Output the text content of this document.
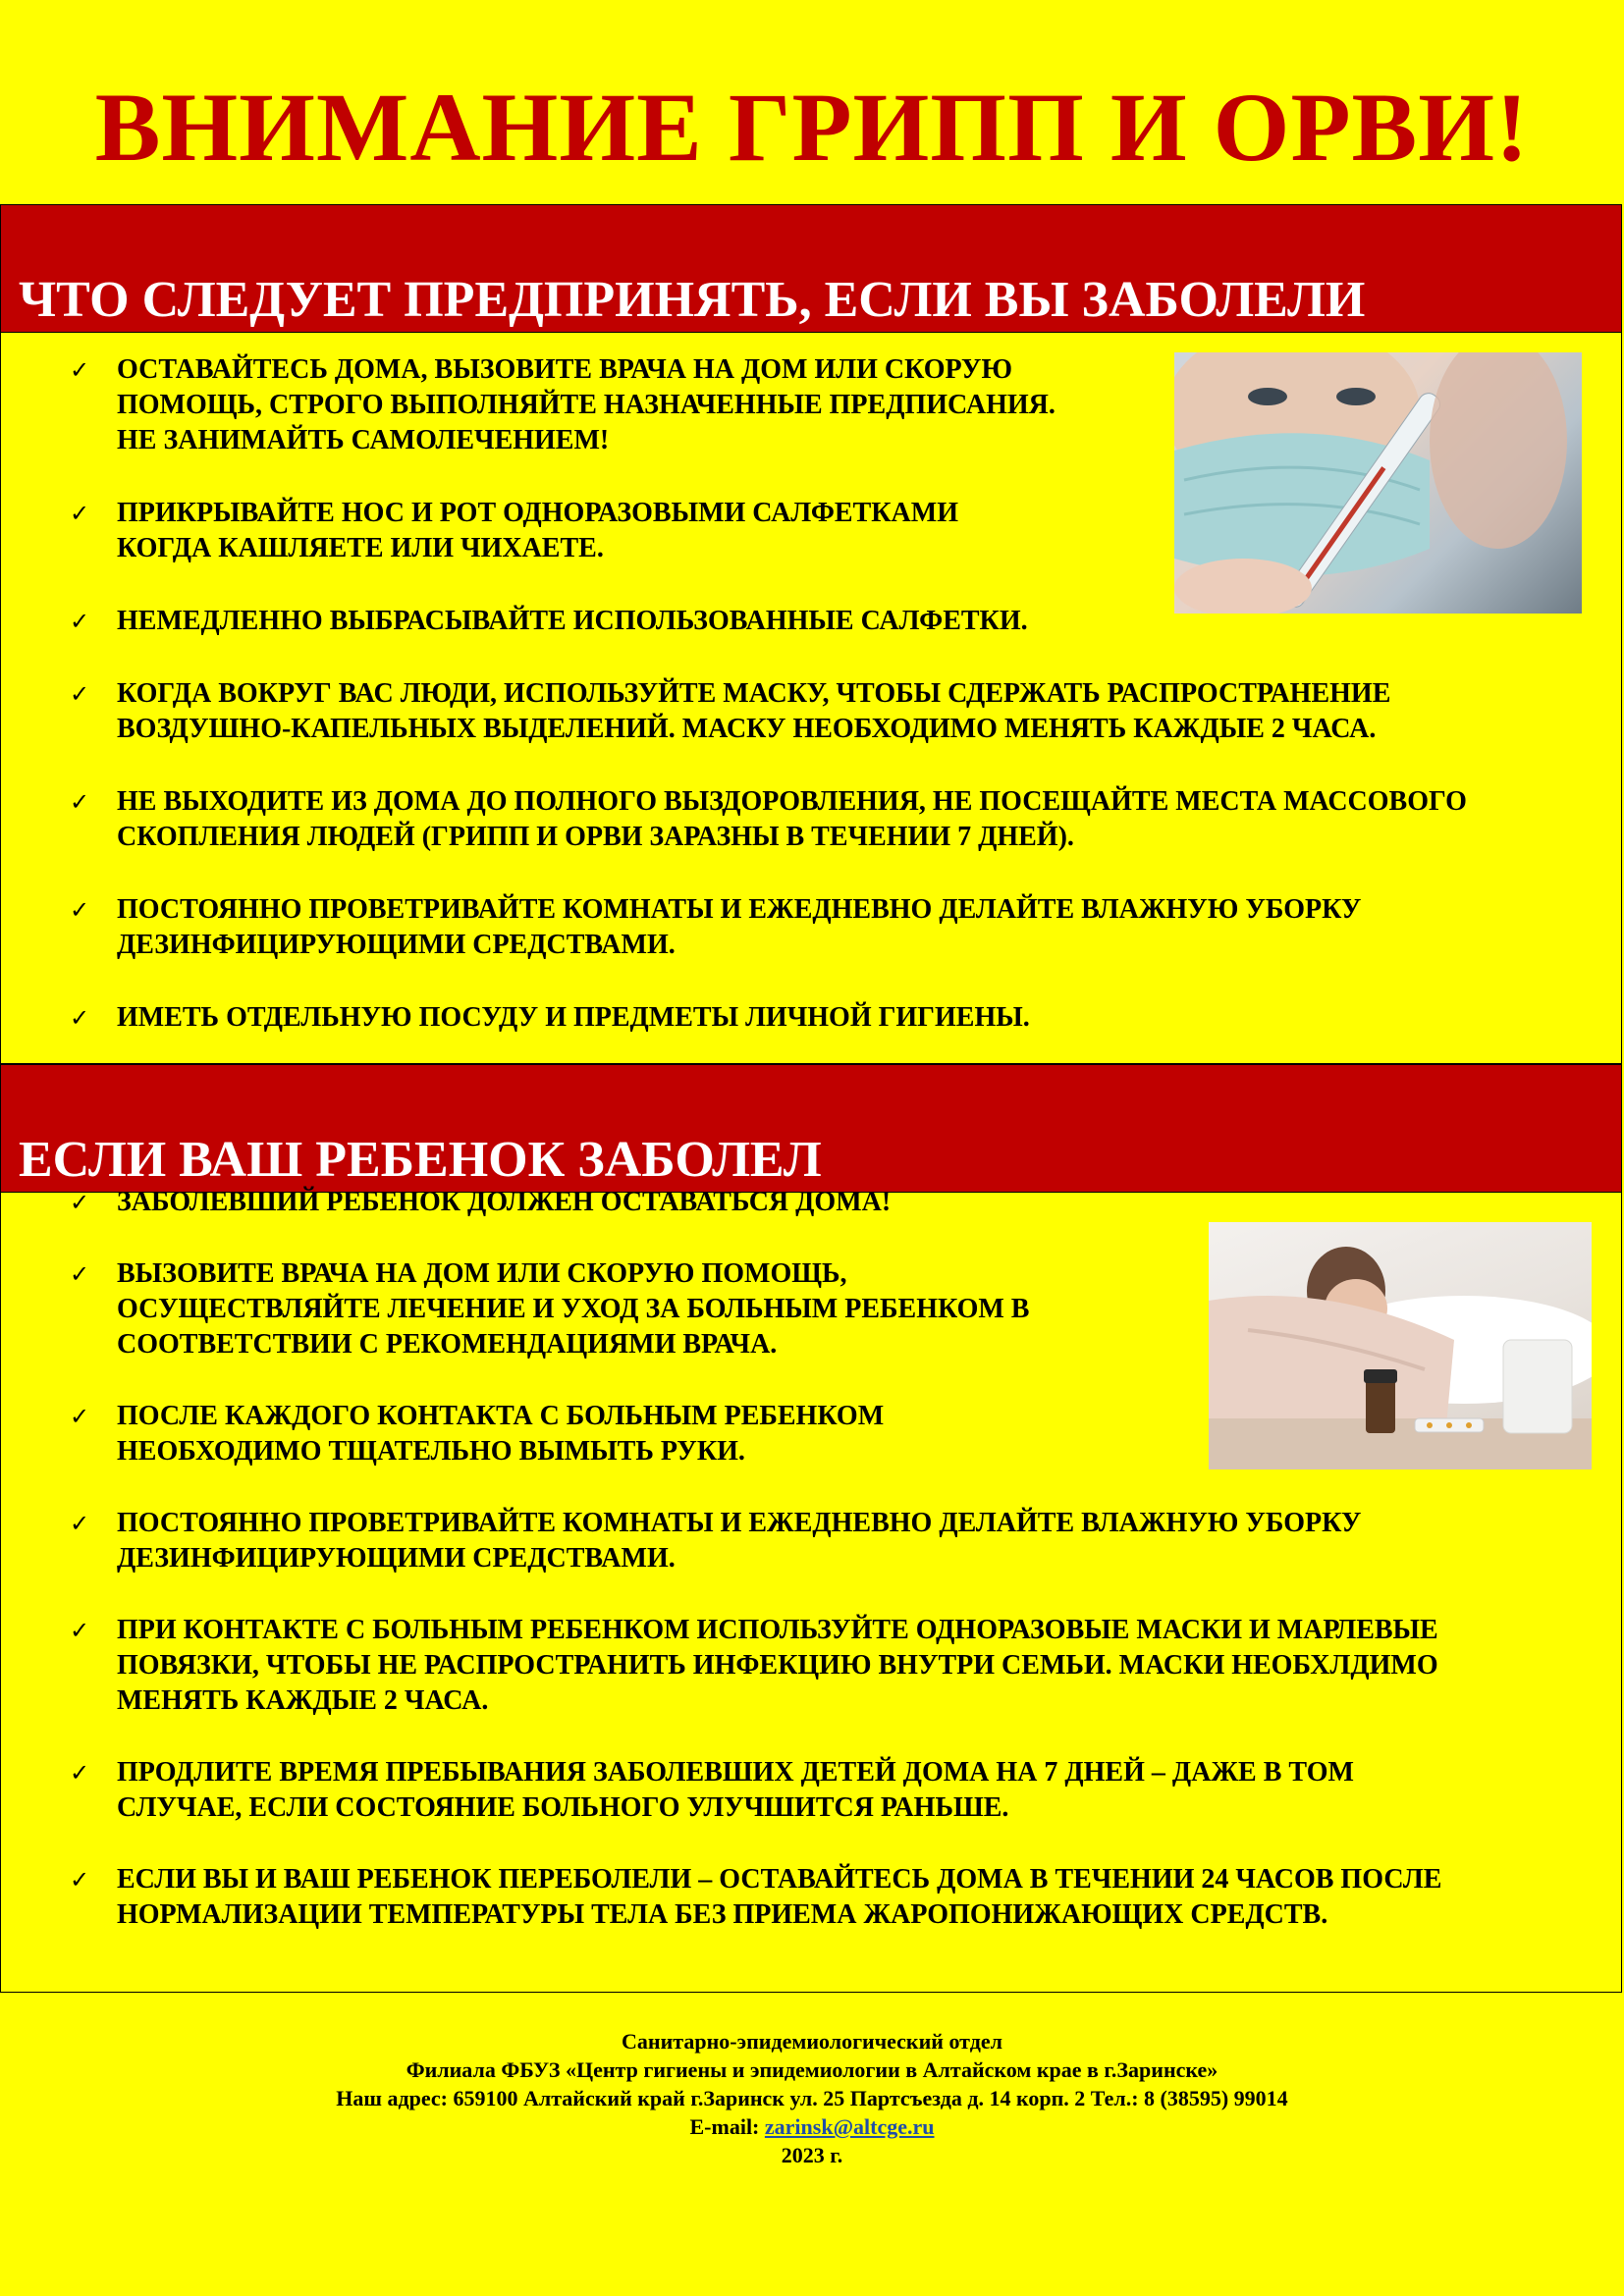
ВНИМАНИЕ ГРИПП И ОРВИ!
ЧТО СЛЕДУЕТ ПРЕДПРИНЯТЬ, ЕСЛИ ВЫ ЗАБОЛЕЛИ
✓ ОСТАВАЙТЕСЬ ДОМА, ВЫЗОВИТЕ ВРАЧА НА ДОМ ИЛИ СКОРУЮ
ПОМОЩЬ, СТРОГО ВЫПОЛНЯЙТЕ НАЗНАЧЕННЫЕ ПРЕДПИСАНИЯ.
НЕ ЗАНИМАЙТЬ САМОЛЕЧЕНИЕМ!
✓ ПРИКРЫВАЙТЕ НОС И РОТ ОДНОРАЗОВЫМИ САЛФЕТКАМИ
КОГДА КАШЛЯЕТЕ ИЛИ ЧИХАЕТЕ.
✓ НЕМЕДЛЕННО ВЫБРАСЫВАЙТЕ ИСПОЛЬЗОВАННЫЕ САЛФЕТКИ.
✓ КОГДА ВОКРУГ ВАС ЛЮДИ, ИСПОЛЬЗУЙТЕ МАСКУ, ЧТОБЫ СДЕРЖАТЬ РАСПРОСТРАНЕНИЕ
ВОЗДУШНО-КАПЕЛЬНЫХ ВЫДЕЛЕНИЙ. МАСКУ НЕОБХОДИМО МЕНЯТЬ КАЖДЫЕ 2 ЧАСА.
✓ НЕ ВЫХОДИТЕ ИЗ ДОМА ДО ПОЛНОГО ВЫЗДОРОВЛЕНИЯ, НЕ ПОСЕЩАЙТЕ МЕСТА МАССОВОГО
СКОПЛЕНИЯ ЛЮДЕЙ (ГРИПП И ОРВИ ЗАРАЗНЫ В ТЕЧЕНИИ 7 ДНЕЙ).
✓ ПОСТОЯННО ПРОВЕТРИВАЙТЕ КОМНАТЫ И ЕЖЕДНЕВНО ДЕЛАЙТЕ ВЛАЖНУЮ УБОРКУ
ДЕЗИНФИЦИРУЮЩИМИ СРЕДСТВАМИ.
✓ ИМЕТЬ ОТДЕЛЬНУЮ ПОСУДУ И ПРЕДМЕТЫ ЛИЧНОЙ ГИГИЕНЫ.
ЕСЛИ ВАШ РЕБЕНОК ЗАБОЛЕЛ
✓ ЗАБОЛЕВШИЙ РЕБЕНОК ДОЛЖЕН ОСТАВАТЬСЯ ДОМА!
✓ ВЫЗОВИТЕ ВРАЧА НА ДОМ ИЛИ СКОРУЮ ПОМОЩЬ,
ОСУЩЕСТВЛЯЙТЕ ЛЕЧЕНИЕ И УХОД ЗА БОЛЬНЫМ РЕБЕНКОМ В
СООТВЕТСТВИИ С РЕКОМЕНДАЦИЯМИ ВРАЧА.
✓ ПОСЛЕ КАЖДОГО КОНТАКТА С БОЛЬНЫМ РЕБЕНКОМ
НЕОБХОДИМО ТЩАТЕЛЬНО ВЫМЫТЬ РУКИ.
✓ ПОСТОЯННО ПРОВЕТРИВАЙТЕ КОМНАТЫ И ЕЖЕДНЕВНО ДЕЛАЙТЕ ВЛАЖНУЮ УБОРКУ
ДЕЗИНФИЦИРУЮЩИМИ СРЕДСТВАМИ.
✓ ПРИ КОНТАКТЕ С БОЛЬНЫМ РЕБЕНКОМ ИСПОЛЬЗУЙТЕ ОДНОРАЗОВЫЕ МАСКИ И МАРЛЕВЫЕ
ПОВЯЗКИ, ЧТОБЫ НЕ РАСПРОСТРАНИТЬ ИНФЕКЦИЮ ВНУТРИ СЕМЬИ. МАСКИ НЕОБХЛДИМО
МЕНЯТЬ КАЖДЫЕ 2 ЧАСА.
✓ ПРОДЛИТЕ ВРЕМЯ ПРЕБЫВАНИЯ ЗАБОЛЕВШИХ ДЕТЕЙ ДОМА НА 7 ДНЕЙ – ДАЖЕ В ТОМ
СЛУЧАЕ, ЕСЛИ СОСТОЯНИЕ БОЛЬНОГО УЛУЧШИТСЯ РАНЬШЕ.
✓ ЕСЛИ ВЫ И ВАШ РЕБЕНОК ПЕРЕБОЛЕЛИ – ОСТАВАЙТЕСЬ ДОМА В ТЕЧЕНИИ 24 ЧАСОВ ПОСЛЕ
НОРМАЛИЗАЦИИ ТЕМПЕРАТУРЫ ТЕЛА БЕЗ ПРИЕМА ЖАРОПОНИЖАЮЩИХ СРЕДСТВ.
Санитарно-эпидемиологический отдел
Филиала ФБУЗ «Центр гигиены и эпидемиологии в Алтайском крае в г.Заринске»
Наш адрес: 659100 Алтайский край г.Заринск ул. 25 Партсъезда д. 14 корп. 2 Тел.: 8 (38595) 99014
E-mail: zarinsk@altcge.ru
2023 г.
